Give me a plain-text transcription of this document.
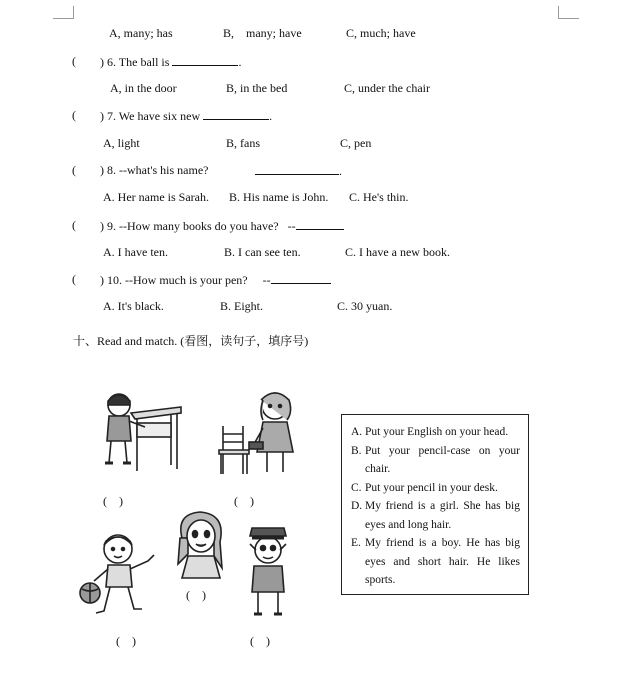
A, many; has	B,    many; have	C, much; have
( ) 6. The ball is	.
A, in the door	B, in the bed	C, under the chair
( ) 7. We have six new	.
A, light	B, fans	C, pen
( ) 8. --what's his name?	.
A. Her name is Sarah. B. His name is John. C. He's thin.
( ) 9. --How many books do you have? --
A. I have ten.	B. I can see ten.	C. I have a new book.
( ) 10. --How much is your pen? --
A. It's black.	B. Eight.	C. 30 yuan.
十、Read and match. (看图，读句子，填序号)
(    )	(    )
(    )
(    )
(    )
A. Put your English on your head.
B. Put your pencil-case on your chair.
C. Put your pencil in your desk.
D. My friend is a girl. She has big eyes and long hair.
E. My friend is a boy. He has big eyes and short hair. He likes sports.
